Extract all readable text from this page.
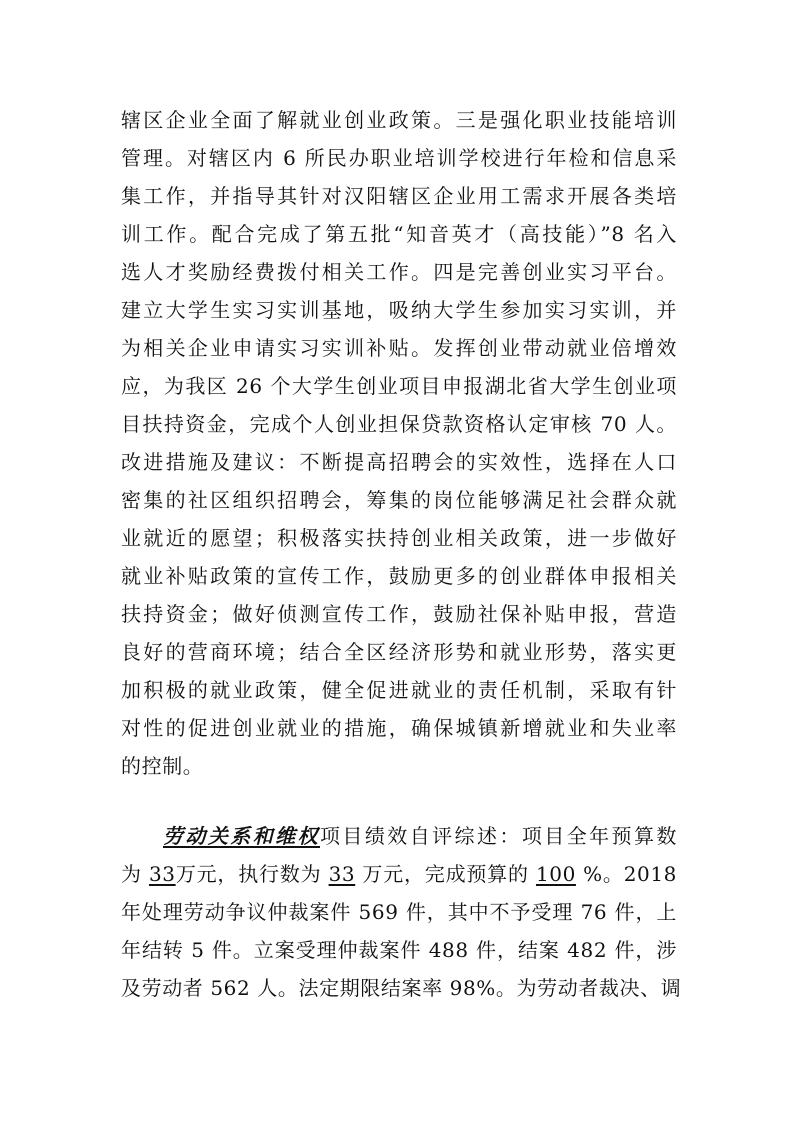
辖区企业全面了解就业创业政策。三是强化职业技能培训
管理。对辖区内 6 所民办职业培训学校进行年检和信息采
集工作，并指导其针对汉阳辖区企业用工需求开展各类培
训工作。配合完成了第五批“知音英才（高技能）”8 名入
选人才奖励经费拨付相关工作。四是完善创业实习平台。
建立大学生实习实训基地，吸纳大学生参加实习实训，并
为相关企业申请实习实训补贴。发挥创业带动就业倍增效
应，为我区 26 个大学生创业项目申报湖北省大学生创业项
目扶持资金，完成个人创业担保贷款资格认定审核 70 人。
改进措施及建议：不断提高招聘会的实效性，选择在人口
密集的社区组织招聘会，筹集的岗位能够满足社会群众就
业就近的愿望；积极落实扶持创业相关政策，进一步做好
就业补贴政策的宣传工作，鼓励更多的创业群体申报相关
扶持资金；做好侦测宣传工作，鼓励社保补贴申报，营造
良好的营商环境；结合全区经济形势和就业形势，落实更
加积极的就业政策，健全促进就业的责任机制，采取有针
对性的促进创业就业的措施，确保城镇新增就业和失业率
的控制。
劳动关系和维权项目绩效自评综述：项目全年预算数
为 33万元，执行数为 33 万元，完成预算的 100 %。2018
年处理劳动争议仲裁案件 569 件，其中不予受理 76 件，上
年结转 5 件。立案受理仲裁案件 488 件，结案 482 件，涉
及劳动者 562 人。法定期限结案率 98%。为劳动者裁决、调
